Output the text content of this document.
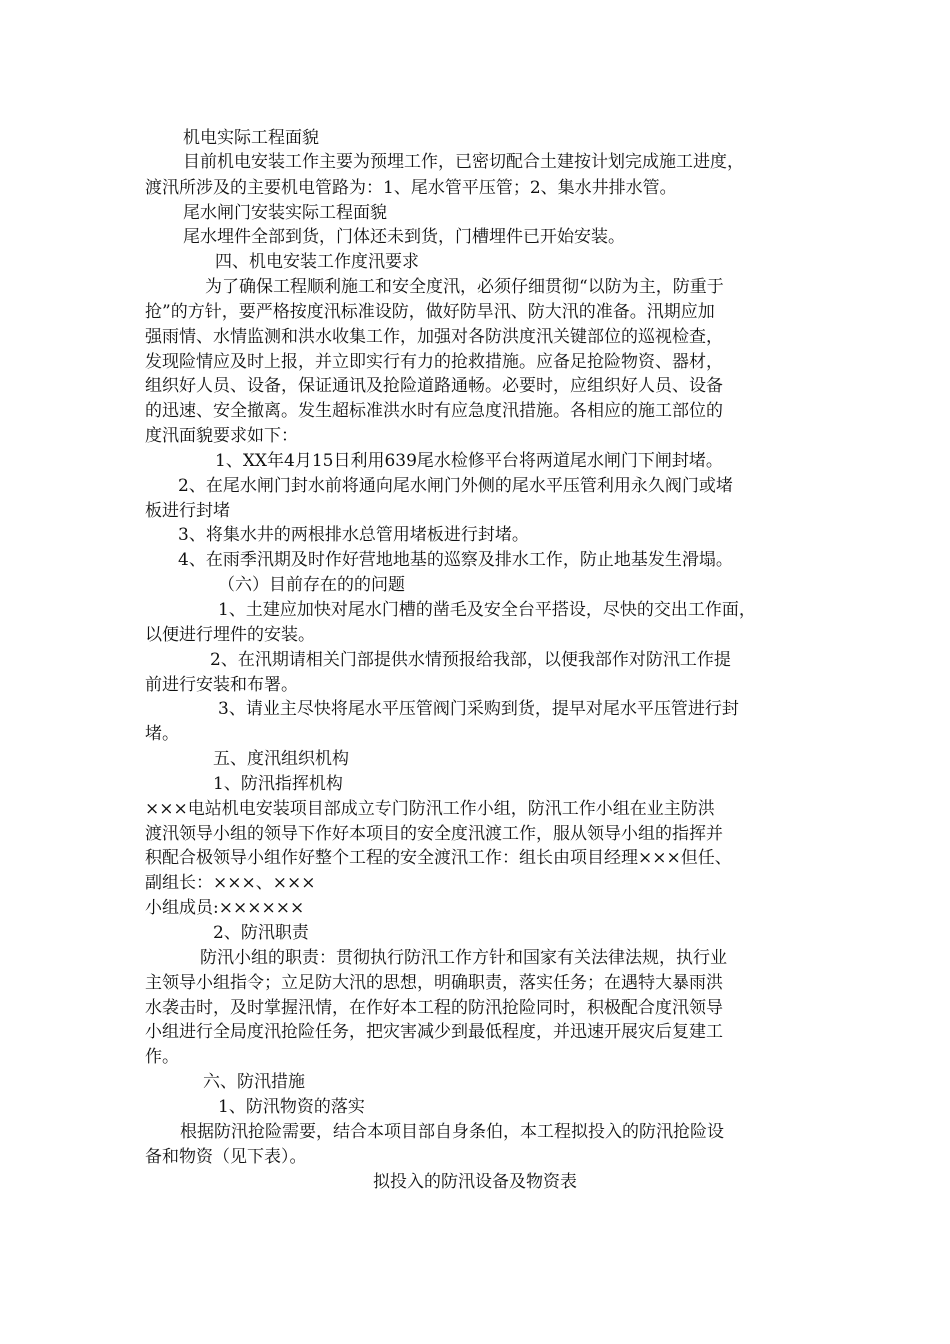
机电实际工程面貌

目前机电安装工作主要为预埋工作，已密切配合土建按计划完成施工进度，

渡汛所涉及的主要机电管路为：1、尾水管平压管；2、集水井排水管。

尾水闸门安装实际工程面貌

尾水埋件全部到货，门体还未到货，门槽埋件已开始安装。

四、机电安装工作度汛要求

为了确保工程顺利施工和安全度汛，必须仔细贯彻“以防为主，防重于

抢”的方针，要严格按度汛标准设防，做好防旱汛、防大汛的准备。汛期应加

强雨情、水情监测和洪水收集工作，加强对各防洪度汛关键部位的巡视检查，

发现险情应及时上报，并立即实行有力的抢救措施。应备足抢险物资、器材，

组织好人员、设备，保证通讯及抢险道路通畅。必要时，应组织好人员、设备

的迅速、安全撤离。发生超标准洪水时有应急度汛措施。各相应的施工部位的

度汛面貌要求如下：

1、XX年4月15日利用639尾水检修平台将两道尾水闸门下闸封堵。

2、在尾水闸门封水前将通向尾水闸门外侧的尾水平压管利用永久阀门或堵

板进行封堵

3、将集水井的两根排水总管用堵板进行封堵。

4、在雨季汛期及时作好营地地基的巡察及排水工作，防止地基发生滑塌。

（六）目前存在的的问题

1、土建应加快对尾水门槽的凿毛及安全台平搭设，尽快的交出工作面，

以便进行埋件的安装。

2、在汛期请相关门部提供水情预报给我部，以便我部作对防汛工作提

前进行安装和布署。

3、请业主尽快将尾水平压管阀门采购到货，提早对尾水平压管进行封

堵。

五、度汛组织机构

1、防汛指挥机构

×××电站机电安装项目部成立专门防汛工作小组，防汛工作小组在业主防洪

渡汛领导小组的领导下作好本项目的安全度汛渡工作，服从领导小组的指挥并

积配合极领导小组作好整个工程的安全渡汛工作：组长由项目经理×××但任、

副组长：×××、×××

小组成员:××××××

2、防汛职责

防汛小组的职责：贯彻执行防汛工作方针和国家有关法律法规，执行业

主领导小组指令；立足防大汛的思想，明确职责，落实任务；在遇特大暴雨洪

水袭击时，及时掌握汛情，在作好本工程的防汛抢险同时，积极配合度汛领导

小组进行全局度汛抢险任务，把灾害减少到最低程度，并迅速开展灾后复建工

作。

六、防汛措施

1、防汛物资的落实

根据防汛抢险需要，结合本项目部自身条伯，本工程拟投入的防汛抢险设

备和物资（见下表）。

拟投入的防汛设备及物资表
